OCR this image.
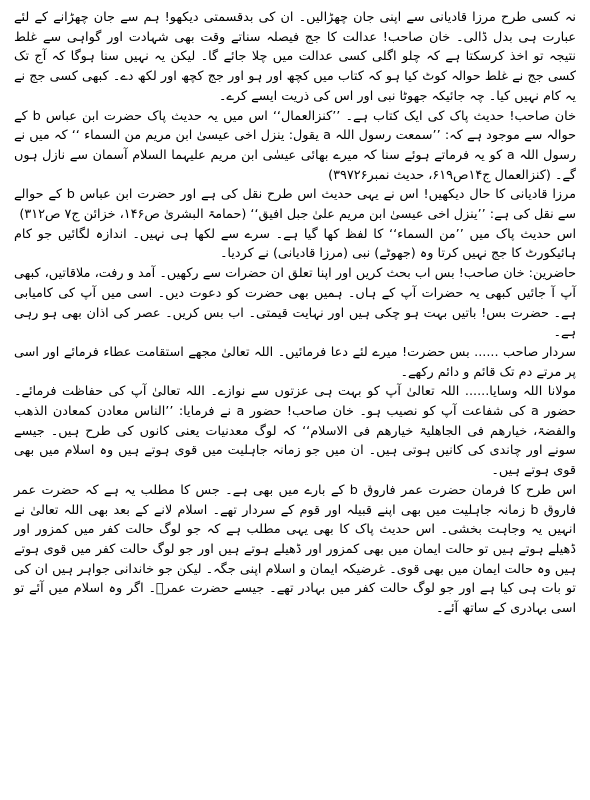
نہ کسی طرح مرزا قادیانی سے اپنی جان چھڑالیں۔ ان کی بدقسمتی دیکھو! ہم سے جان چھڑانے کے لئے عبارت ہی بدل ڈالی۔ خان صاحب! عدالت کا جج فیصلہ سناتے وقت بھی شہادت اور گواہی سے غلط نتیجہ تو اخذ کرسکتا ہے کہ چلو اگلی کسی عدالت میں چلا جائے گا۔ لیکن یہ نہیں سنا ہوگا کہ آج تک کسی جج نے غلط حوالہ کوٹ کیا ہو کہ کتاب میں کچھ اور ہو اور جج کچھ اور لکھ دے۔ کبھی کسی جج نے یہ کام نہیں کیا۔ چہ جائیکہ جھوٹا نبی اور اس کی ذریت ایسے کرے۔

خان صاحب! حدیث پاک کی ایک کتاب ہے۔ ’’کنزالعمال‘‘ اس میں یہ حدیث پاک حضرت ابن عباس b کے حوالہ سے موجود ہے کہ: ’’سمعت رسول اللہ a یقول: ینزل اخی عیسیٰ ابن مریم من السماء ‘‘ کہ میں نے رسول اللہ a کو یہ فرماتے ہوئے سنا کہ میرے بھائی عیسٰی ابن مریم علیہما السلام آسمان سے نازل ہوں گے۔ (کنزالعمال ج۱۴ص۶۱۹، حدیث نمبر۳۹۷۲۶)

مرزا قادیانی کا حال دیکھیں! اس نے یہی حدیث اس طرح نقل کی ہے اور حضرت ابن عباس b کے حوالے سے نقل کی ہے: ’’ینزل اخی عیسیٰ ابن مریم علیٰ جبل افیق‘‘ (حمامۃ البشریٰ ص۱۴۶، خزائن ج۷ ص۳۱۲)

اس حدیث پاک میں ’’من السماء‘‘ کا لفظ کھا گیا ہے۔ سرے سے لکھا ہی نہیں۔ اندازہ لگائیں جو کام ہائیکورٹ کا جج نہیں کرتا وہ (جھوٹے) نبی (مرزا قادیانی) نے کردیا۔

حاضرین: خان صاحب! بس اب بحث کریں اور اپنا تعلق ان حضرات سے رکھیں۔ آمد و رفت، ملاقاتیں، کبھی آپ آ جائیں کبھی یہ حضرات آپ کے ہاں۔ ہمیں بھی حضرت کو دعوت دیں۔ اسی میں آپ کی کامیابی ہے۔ حضرت بس! باتیں بہت ہو چکی ہیں اور نہایت قیمتی۔ اب بس کریں۔ عصر کی اذان بھی ہو رہی ہے۔

سردار صاحب ...... بس حضرت! میرے لئے دعا فرمائیں۔ اللہ تعالیٰ مجھے استقامت عطاء فرمائے اور اسی پر مرتے دم تک قائم و دائم رکھے۔

مولانا اللہ وسایا...... اللہ تعالیٰ آپ کو بہت ہی عزتوں سے نوازے۔ اللہ تعالیٰ آپ کی حفاظت فرمائے۔ حضور a کی شفاعت آپ کو نصیب ہو۔ خان صاحب! حضور a نے فرمایا: ’’الناس معادن کمعادن الذھب والفضۃ، خیارھم فی الجاھلیۃ خیارھم فی الاسلام‘‘ کہ لوگ معدنیات یعنی کانوں کی طرح ہیں۔ جیسے سونے اور چاندی کی کانیں ہوتی ہیں۔ ان میں جو زمانہ جاہلیت میں قوی ہوتے ہیں وہ اسلام میں بھی قوی ہوتے ہیں۔

اس طرح کا فرمان حضرت عمر فاروق b کے بارے میں بھی ہے۔ جس کا مطلب یہ ہے کہ حضرت عمر فاروق b زمانہ جاہلیت میں بھی اپنے قبیلہ اور قوم کے سردار تھے۔ اسلام لانے کے بعد بھی اللہ تعالیٰ نے انہیں یہ وجاہت بخشی۔ اس حدیث پاک کا بھی یہی مطلب ہے کہ جو لوگ حالت کفر میں کمزور اور ڈھیلے ہوتے ہیں تو حالت ایمان میں بھی کمزور اور ڈھیلے ہوتے ہیں اور جو لوگ حالت کفر میں قوی ہوتے ہیں وہ حالت ایمان میں بھی قوی۔ غرضیکہ ایمان و اسلام اپنی جگہ۔ لیکن جو خاندانی جواہر ہیں ان کی تو بات ہی کیا ہے اور جو لوگ حالت کفر میں بہادر تھے۔ جیسے حضرت عمرؓ۔ اگر وہ اسلام میں آئے تو اسی بہادری کے ساتھ آئے۔
